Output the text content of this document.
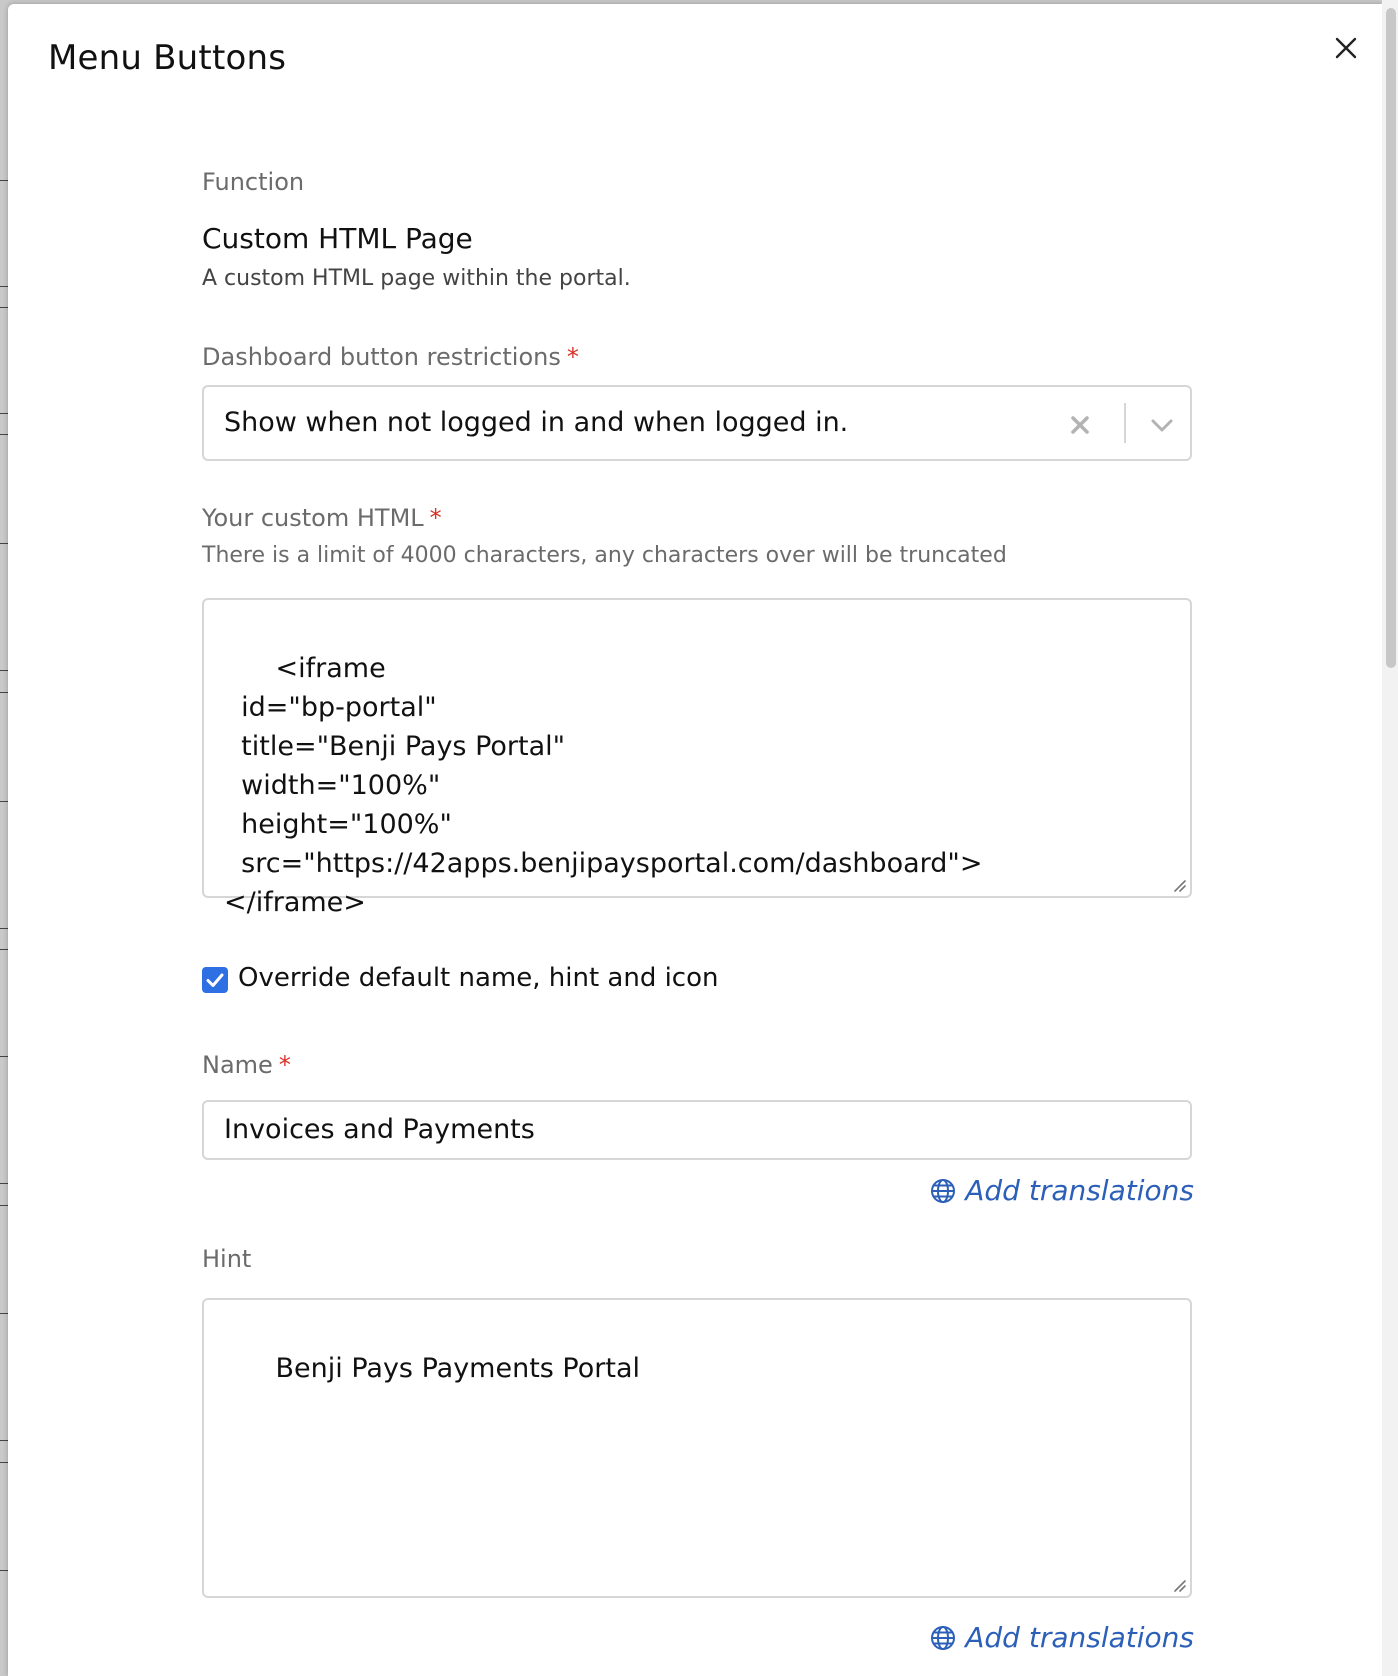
Menu Buttons
Function
Custom HTML Page
A custom HTML page within the portal.
Dashboard button restrictions *
Show when not logged in and when logged in.
Your custom HTML *
There is a limit of 4000 characters, any characters over will be truncated

<iframe
id="bp-portal"
title="Benji Pays Portal"
width="100%"
height="100%"
src="https://42apps.benjipaysportal.com/dashboard">
</iframe>

Override default name, hint and icon
Name *
Invoices and Payments
Add translations
Hint

Benji Pays Payments Portal

Add translations
